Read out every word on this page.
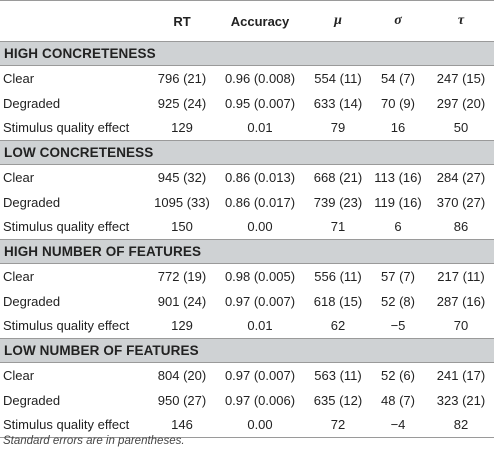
	RT	Accuracy	μ	σ	τ
HIGH CONCRETENESS					
Clear	796 (21)	0.96 (0.008)	554 (11)	54 (7)	247 (15)
Degraded	925 (24)	0.95 (0.007)	633 (14)	70 (9)	297 (20)
Stimulus quality effect	129	0.01	79	16	50
LOW CONCRETENESS					
Clear	945 (32)	0.86 (0.013)	668 (21)	113 (16)	284 (27)
Degraded	1095 (33)	0.86 (0.017)	739 (23)	119 (16)	370 (27)
Stimulus quality effect	150	0.00	71	6	86
HIGH NUMBER OF FEATURES					
Clear	772 (19)	0.98 (0.005)	556 (11)	57 (7)	217 (11)
Degraded	901 (24)	0.97 (0.007)	618 (15)	52 (8)	287 (16)
Stimulus quality effect	129	0.01	62	−5	70
LOW NUMBER OF FEATURES					
Clear	804 (20)	0.97 (0.007)	563 (11)	52 (6)	241 (17)
Degraded	950 (27)	0.97 (0.006)	635 (12)	48 (7)	323 (21)
Stimulus quality effect	146	0.00	72	−4	82
Standard errors are in parentheses.
